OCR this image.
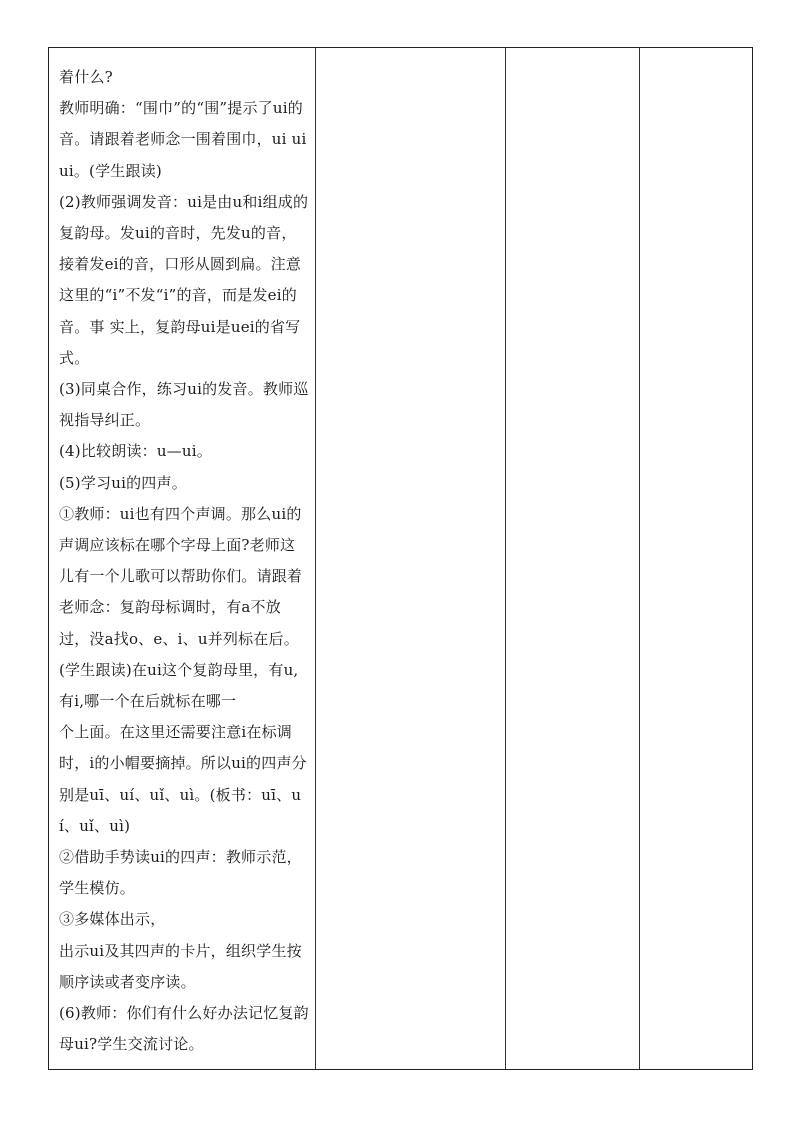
着什么?

教师明确：“围巾”的“围”提示了ui的音。请跟着老师念一围着围巾，ui uiui。(学生跟读)

(2)教师强调发音：ui是由u和i组成的复韵母。发ui的音时，先发u的音，

接着发ei的音，口形从圆到扁。注意这里的“i”不发“i”的音，而是发ei的音。事 实上，复韵母ui是uei的省写式。

(3)同桌合作，练习ui的发音。教师巡视指导纠正。

(4)比较朗读：u—ui。

(5)学习ui的四声。

①教师：ui也有四个声调。那么ui的声调应该标在哪个字母上面?老师这儿有一个儿歌可以帮助你们。请跟着老师念：复韵母标调时，有a不放过，没a找o、e、i、u并列标在后。(学生跟读)在ui这个复韵母里，有u,有i,哪一个在后就标在哪一

个上面。在这里还需要注意i在标调时，i的小帽要摘掉。所以ui的四声分别是uī、uí、uǐ、uì。(板书：uī、uí、uǐ、uì)

②借助手势读ui的四声：教师示范，学生模仿。

③多媒体出示，

出示ui及其四声的卡片，组织学生按顺序读或者变序读。

(6)教师：你们有什么好办法记忆复韵母ui?学生交流讨论。
